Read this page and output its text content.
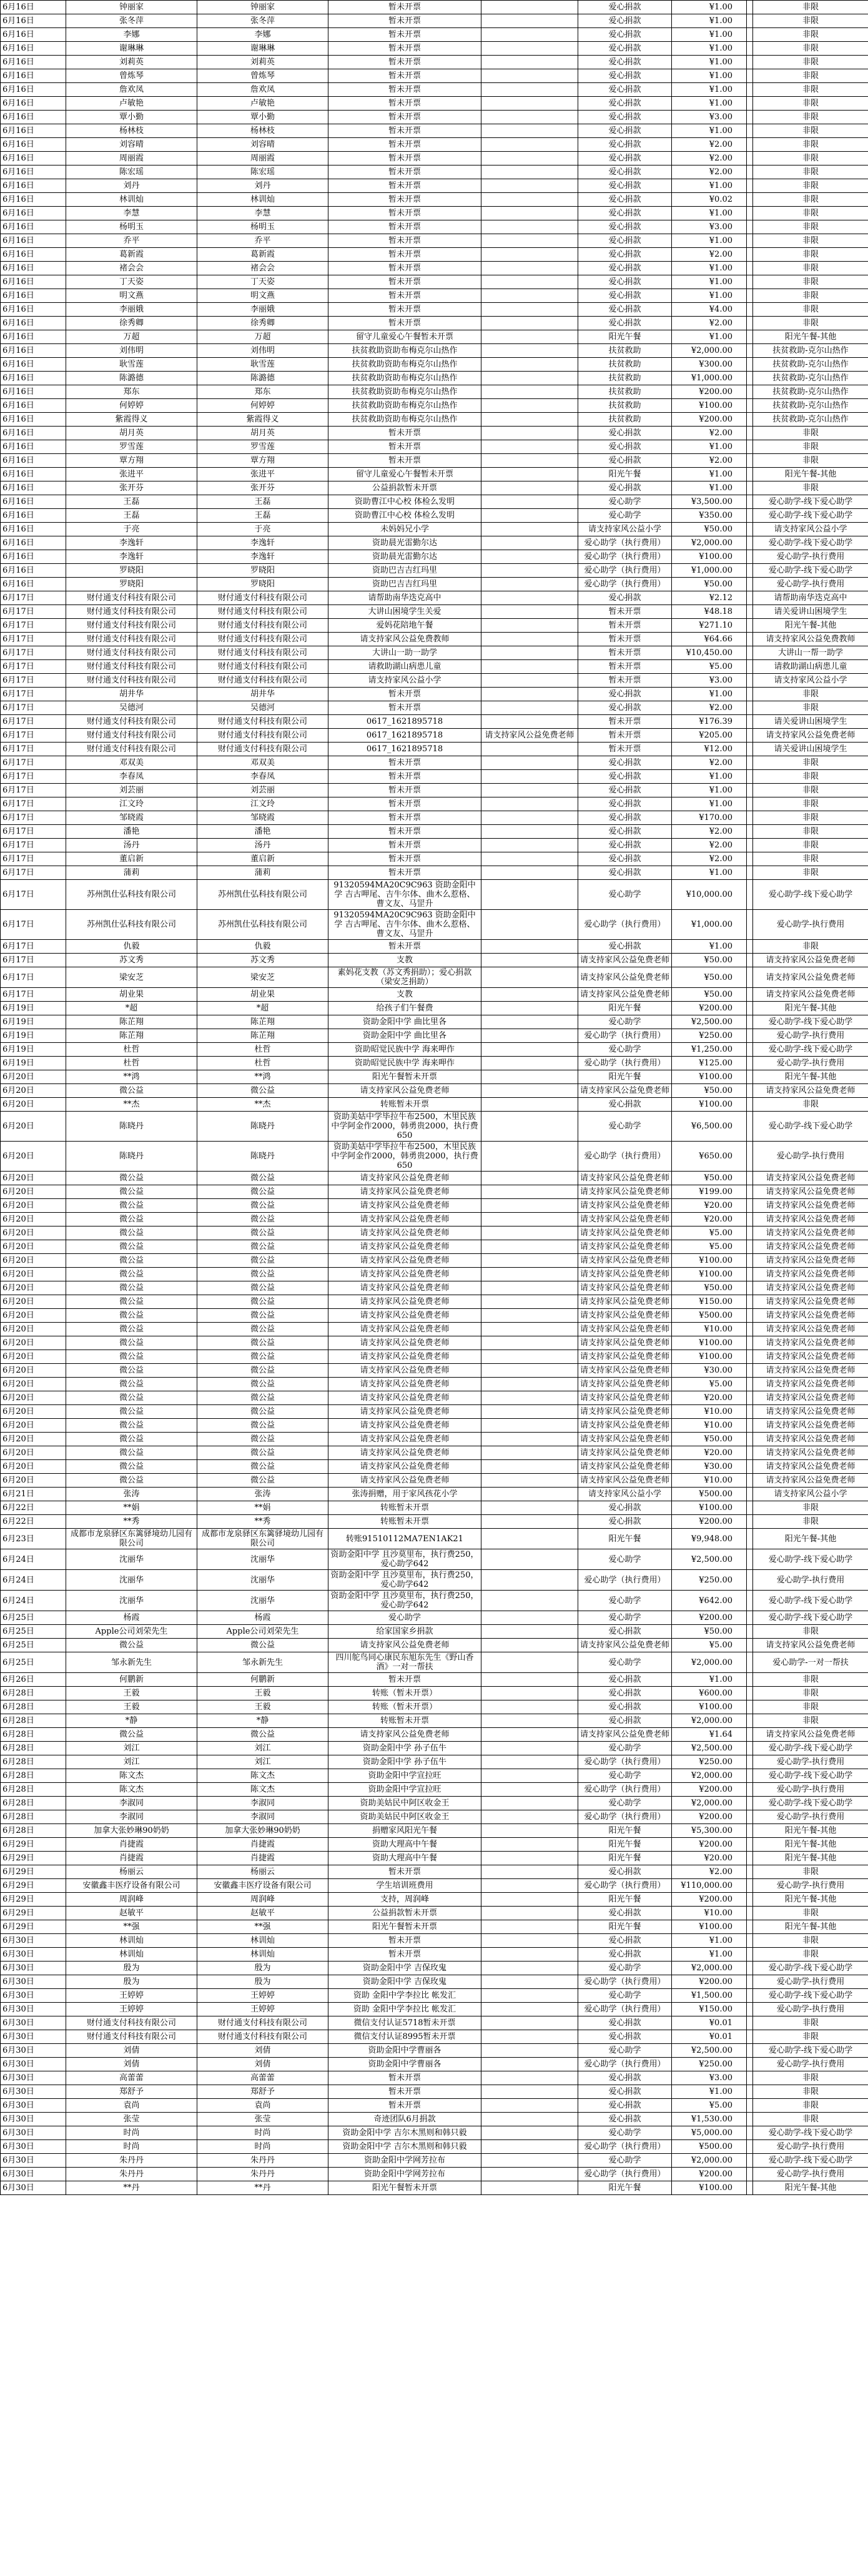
6月16日	钟丽家	钟丽家	暂未开票		爱心捐款	¥1.00		非限
6月16日	张冬萍	张冬萍	暂未开票		爱心捐款	¥1.00		非限
6月16日	李娜	李娜	暂未开票		爱心捐款	¥1.00		非限
6月16日	谢琳琳	谢琳琳	暂未开票		爱心捐款	¥1.00		非限
6月16日	刘莉英	刘莉英	暂未开票		爱心捐款	¥1.00		非限
6月16日	曾炼琴	曾炼琴	暂未开票		爱心捐款	¥1.00		非限
6月16日	詹欢凤	詹欢凤	暂未开票		爱心捐款	¥1.00		非限
6月16日	卢敏艳	卢敏艳	暂未开票		爱心捐款	¥1.00		非限
6月16日	覃小勤	覃小勤	暂未开票		爱心捐款	¥3.00		非限
6月16日	杨林枝	杨林枝	暂未开票		爱心捐款	¥1.00		非限
6月16日	刘容晴	刘容晴	暂未开票		爱心捐款	¥2.00		非限
6月16日	周丽霞	周丽霞	暂未开票		爱心捐款	¥2.00		非限
6月16日	陈宏瑶	陈宏瑶	暂未开票		爱心捐款	¥2.00		非限
6月16日	刘丹	刘丹	暂未开票		爱心捐款	¥1.00		非限
6月16日	林训灿	林训灿	暂未开票		爱心捐款	¥0.02		非限
6月16日	李慧	李慧	暂未开票		爱心捐款	¥1.00		非限
6月16日	杨明玉	杨明玉	暂未开票		爱心捐款	¥3.00		非限
6月16日	乔平	乔平	暂未开票		爱心捐款	¥1.00		非限
6月16日	葛新霞	葛新霞	暂未开票		爱心捐款	¥2.00		非限
6月16日	褚会会	褚会会	暂未开票		爱心捐款	¥1.00		非限
6月16日	丁天姿	丁天姿	暂未开票		爱心捐款	¥1.00		非限
6月16日	明文燕	明文燕	暂未开票		爱心捐款	¥1.00		非限
6月16日	李丽娥	李丽娥	暂未开票		爱心捐款	¥4.00		非限
6月16日	徐秀卿	徐秀卿	暂未开票		爱心捐款	¥2.00		非限
6月16日	万超	万超	留守儿童爱心午餐暂未开票		阳光午餐	¥1.00		阳光午餐-其他
6月16日	刘伟明	刘伟明	扶贫救助资助布梅克尔山热作		扶贫救助	¥2,000.00		扶贫救助-克尔山热作
6月16日	耿雪莲	耿雪莲	扶贫救助资助布梅克尔山热作		扶贫救助	¥300.00		扶贫救助-克尔山热作
6月16日	陈潞德	陈潞德	扶贫救助资助布梅克尔山热作		扶贫救助	¥1,000.00		扶贫救助-克尔山热作
6月16日	郑东	郑东	扶贫救助资助布梅克尔山热作		扶贫救助	¥200.00		扶贫救助-克尔山热作
6月16日	何婷婷	何婷婷	扶贫救助资助布梅克尔山热作		扶贫救助	¥100.00		扶贫救助-克尔山热作
6月16日	紫霞得义	紫霞得义	扶贫救助资助布梅克尔山热作		扶贫救助	¥200.00		扶贫救助-克尔山热作
6月16日	胡月英	胡月英	暂未开票		爱心捐款	¥2.00		非限
6月16日	罗雪莲	罗雪莲	暂未开票		爱心捐款	¥1.00		非限
6月16日	覃方翔	覃方翔	暂未开票		爱心捐款	¥2.00		非限
6月16日	张进平	张进平	留守儿童爱心午餐暂未开票		阳光午餐	¥1.00		阳光午餐-其他
6月16日	张开芬	张开芬	公益捐款暂未开票		爱心捐款	¥1.00		非限
6月16日	王磊	王磊	资助曹江中心校 体检么发明		爱心助学	¥3,500.00		爱心助学-线下爱心助学
6月16日	王磊	王磊	资助曹江中心校 体检么发明		爱心助学	¥350.00		爱心助学-线下爱心助学
6月16日	于亮	于亮	未妈妈兄小学		请支持家风公益小学	¥50.00		请支持家风公益小学
6月16日	李逸轩	李逸轩	资助晨光雷勤尔达		爱心助学（执行费用）	¥2,000.00		爱心助学-线下爱心助学
6月16日	李逸轩	李逸轩	资助晨光雷勤尔达		爱心助学（执行费用）	¥100.00		爱心助学-执行费用
6月16日	罗晓阳	罗晓阳	资助巴吉吉红玛里		爱心助学（执行费用）	¥1,000.00		爱心助学-线下爱心助学
6月16日	罗晓阳	罗晓阳	资助巴吉吉红玛里		爱心助学（执行费用）	¥50.00		爱心助学-执行费用
6月17日	财付通支付科技有限公司	财付通支付科技有限公司	请帮助南华迭克高中		爱心捐款	¥2.12		请帮助南华迭克高中
6月17日	财付通支付科技有限公司	财付通支付科技有限公司	大讲山困境学生关爱		暂未开票	¥48.18		请关爱讲山困境学生
6月17日	财付通支付科技有限公司	财付通支付科技有限公司	爱妈花陪地午餐		暂未开票	¥271.10		阳光午餐-其他
6月17日	财付通支付科技有限公司	财付通支付科技有限公司	请支持家风公益免费教师		暂未开票	¥64.66		请支持家风公益免费教师
6月17日	财付通支付科技有限公司	财付通支付科技有限公司	大讲山一助一助学		暂未开票	¥10,450.00		大讲山一帮一助学
6月17日	财付通支付科技有限公司	财付通支付科技有限公司	请救助湖山病患儿童		暂未开票	¥5.00		请救助湖山病患儿童
6月17日	财付通支付科技有限公司	财付通支付科技有限公司	请支持家风公益小学		暂未开票	¥3.00		请支持家风公益小学
6月17日	胡井华	胡井华	暂未开票		爱心捐款	¥1.00		非限
6月17日	吴德河	吴德河	暂未开票		爱心捐款	¥2.00		非限
6月17日	财付通支付科技有限公司	财付通支付科技有限公司	0617_1621895718		暂未开票	¥176.39		请关爱讲山困境学生
6月17日	财付通支付科技有限公司	财付通支付科技有限公司	0617_1621895718	请支持家风公益免费老师	暂未开票	¥205.00		请支持家风公益免费老师
6月17日	财付通支付科技有限公司	财付通支付科技有限公司	0617_1621895718		暂未开票	¥12.00		请关爱讲山困境学生
6月17日	邓双美	邓双美	暂未开票		爱心捐款	¥2.00		非限
6月17日	李春凤	李春凤	暂未开票		爱心捐款	¥1.00		非限
6月17日	刘芸丽	刘芸丽	暂未开票		爱心捐款	¥1.00		非限
6月17日	江文玲	江文玲	暂未开票		爱心捐款	¥1.00		非限
6月17日	邹晓霞	邹晓霞	暂未开票		爱心捐款	¥170.00		非限
6月17日	潘艳	潘艳	暂未开票		爱心捐款	¥2.00		非限
6月17日	汤丹	汤丹	暂未开票		爱心捐款	¥2.00		非限
6月17日	董启新	董启新	暂未开票		爱心捐款	¥2.00		非限
6月17日	蒲莉	蒲莉	暂未开票		爱心捐款	¥1.00		非限
6月17日	苏州凯仕弘科技有限公司	苏州凯仕弘科技有限公司	91320594MA20C9C963 资助金阳中学 吉古呷尾、吉牛尔体、曲木么惹格、曹文友、马罡升		爱心助学	¥10,000.00		爱心助学-线下爱心助学
6月17日	苏州凯仕弘科技有限公司	苏州凯仕弘科技有限公司	91320594MA20C9C963 资助金阳中学 吉古呷尾、吉牛尔体、曲木么惹格、曹文友、马罡升		爱心助学（执行费用）	¥1,000.00		爱心助学-执行费用
6月17日	仇毅	仇毅	暂未开票		爱心捐款	¥1.00		非限
6月17日	苏文秀	苏文秀	支教		请支持家风公益免费老师	¥50.00		请支持家风公益免费老师
6月17日	梁安芝	梁安芝	素妈花支教（苏文秀捐助）；爱心捐款（梁安芝捐助）		请支持家风公益免费老师	¥50.00		请支持家风公益免费老师
6月17日	胡业果	胡业果	支教		请支持家风公益免费老师	¥50.00		请支持家风公益免费老师
6月19日	*超	*超	给孩子们午餐费		阳光午餐	¥200.00		阳光午餐-其他
6月19日	陈芷翔	陈芷翔	资助金阳中学 曲比里各		爱心助学	¥2,500.00		爱心助学-线下爱心助学
6月19日	陈芷翔	陈芷翔	资助金阳中学 曲比里各		爱心助学（执行费用）	¥250.00		爱心助学-执行费用
6月19日	杜哲	杜哲	资助昭觉民族中学 海来呷作		爱心助学	¥1,250.00		爱心助学-线下爱心助学
6月19日	杜哲	杜哲	资助昭觉民族中学 海来呷作		爱心助学（执行费用）	¥125.00		爱心助学-执行费用
6月20日	**鸿	**鸿	阳光午餐暂未开票		阳光午餐	¥100.00		阳光午餐-其他
6月20日	微公益	微公益	请支持家风公益免费老师		请支持家风公益免费老师	¥50.00		请支持家风公益免费老师
6月20日	**杰	**杰	转账暂未开票		爱心捐款	¥100.00		非限
6月20日	陈晓丹	陈晓丹	资助美姑中学毕拉牛布2500，木里民族中学阿金作2000，韩勇贵2000，执行费650		爱心助学	¥6,500.00		爱心助学-线下爱心助学
6月20日	陈晓丹	陈晓丹	资助美姑中学毕拉牛布2500，木里民族中学阿金作2000，韩勇贵2000，执行费650		爱心助学（执行费用）	¥650.00		爱心助学-执行费用
6月20日	微公益	微公益	请支持家风公益免费老师		请支持家风公益免费老师	¥50.00		请支持家风公益免费老师
6月20日	微公益	微公益	请支持家风公益免费老师		请支持家风公益免费老师	¥199.00		请支持家风公益免费老师
6月20日	微公益	微公益	请支持家风公益免费老师		请支持家风公益免费老师	¥20.00		请支持家风公益免费老师
6月20日	微公益	微公益	请支持家风公益免费老师		请支持家风公益免费老师	¥20.00		请支持家风公益免费老师
6月20日	微公益	微公益	请支持家风公益免费老师		请支持家风公益免费老师	¥5.00		请支持家风公益免费老师
6月20日	微公益	微公益	请支持家风公益免费老师		请支持家风公益免费老师	¥5.00		请支持家风公益免费老师
6月20日	微公益	微公益	请支持家风公益免费老师		请支持家风公益免费老师	¥100.00		请支持家风公益免费老师
6月20日	微公益	微公益	请支持家风公益免费老师		请支持家风公益免费老师	¥100.00		请支持家风公益免费老师
6月20日	微公益	微公益	请支持家风公益免费老师		请支持家风公益免费老师	¥50.00		请支持家风公益免费老师
6月20日	微公益	微公益	请支持家风公益免费老师		请支持家风公益免费老师	¥150.00		请支持家风公益免费老师
6月20日	微公益	微公益	请支持家风公益免费老师		请支持家风公益免费老师	¥500.00		请支持家风公益免费老师
6月20日	微公益	微公益	请支持家风公益免费老师		请支持家风公益免费老师	¥10.00		请支持家风公益免费老师
6月20日	微公益	微公益	请支持家风公益免费老师		请支持家风公益免费老师	¥100.00		请支持家风公益免费老师
6月20日	微公益	微公益	请支持家风公益免费老师		请支持家风公益免费老师	¥100.00		请支持家风公益免费老师
6月20日	微公益	微公益	请支持家风公益免费老师		请支持家风公益免费老师	¥30.00		请支持家风公益免费老师
6月20日	微公益	微公益	请支持家风公益免费老师		请支持家风公益免费老师	¥5.00		请支持家风公益免费老师
6月20日	微公益	微公益	请支持家风公益免费老师		请支持家风公益免费老师	¥20.00		请支持家风公益免费老师
6月20日	微公益	微公益	请支持家风公益免费老师		请支持家风公益免费老师	¥10.00		请支持家风公益免费老师
6月20日	微公益	微公益	请支持家风公益免费老师		请支持家风公益免费老师	¥10.00		请支持家风公益免费老师
6月20日	微公益	微公益	请支持家风公益免费老师		请支持家风公益免费老师	¥50.00		请支持家风公益免费老师
6月20日	微公益	微公益	请支持家风公益免费老师		请支持家风公益免费老师	¥20.00		请支持家风公益免费老师
6月20日	微公益	微公益	请支持家风公益免费老师		请支持家风公益免费老师	¥30.00		请支持家风公益免费老师
6月20日	微公益	微公益	请支持家风公益免费老师		请支持家风公益免费老师	¥10.00		请支持家风公益免费老师
6月21日	张涛	张涛	张涛捐赠，用于家风孩花小学		请支持家风公益小学	¥500.00		请支持家风公益小学
6月22日	**娟	**娟	转账暂未开票		爱心捐款	¥100.00		非限
6月22日	**秀	**秀	转账暂未开票		爱心捐款	¥200.00		非限
6月23日	成都市龙泉驿区东篱驿境幼儿园有限公司	成都市龙泉驿区东篱驿境幼儿园有限公司	转账91510112MA7EN1AK21		阳光午餐	¥9,948.00		阳光午餐-其他
6月24日	沈丽华	沈丽华	资助金阳中学 且沙莫里布，执行费250，爱心助学642		爱心助学	¥2,500.00		爱心助学-线下爱心助学
6月24日	沈丽华	沈丽华	资助金阳中学 且沙莫里布，执行费250，爱心助学642		爱心助学（执行费用）	¥250.00		爱心助学-执行费用
6月24日	沈丽华	沈丽华	资助金阳中学 且沙莫里布，执行费250，爱心助学642		爱心助学	¥642.00		爱心助学-线下爱心助学
6月25日	杨霞	杨霞	爱心助学		爱心助学	¥200.00		爱心助学-线下爱心助学
6月25日	Apple公司刘荣先生	Apple公司刘荣先生	给家国家乡捐款		爱心捐款	¥50.00		非限
6月25日	微公益	微公益	请支持家风公益免费老师		请支持家风公益免费老师	¥5.00		请支持家风公益免费老师
6月25日	邹永新先生	邹永新先生	四川鸵鸟同心康民东旭东先生《野山香酒》一对一帮扶		爱心助学	¥2,000.00		爱心助学-一对一帮扶
6月26日	何鹏新	何鹏新	暂未开票		爱心捐款	¥1.00		非限
6月28日	王毅	王毅	转账（暂未开票）		爱心捐款	¥600.00		非限
6月28日	王毅	王毅	转账（暂未开票）		爱心捐款	¥100.00		非限
6月28日	*静	*静	转账暂未开票		爱心捐款	¥2,000.00		非限
6月28日	微公益	微公益	请支持家风公益免费老师		请支持家风公益免费老师	¥1.64		请支持家风公益免费老师
6月28日	刘江	刘江	资助金阳中学 孙子伍牛		爱心助学	¥2,500.00		爱心助学-线下爱心助学
6月28日	刘江	刘江	资助金阳中学 孙子伍牛		爱心助学（执行费用）	¥250.00		爱心助学-执行费用
6月28日	陈文杰	陈文杰	资助金阳中学宣拉旺		爱心助学	¥2,000.00		爱心助学-线下爱心助学
6月28日	陈文杰	陈文杰	资助金阳中学宣拉旺		爱心助学（执行费用）	¥200.00		爱心助学-执行费用
6月28日	李淑同	李淑同	资助美姑民中阿区收金王		爱心助学	¥2,000.00		爱心助学-线下爱心助学
6月28日	李淑同	李淑同	资助美姑民中阿区收金王		爱心助学（执行费用）	¥200.00		爱心助学-执行费用
6月28日	加拿大张妙琳90奶奶	加拿大张妙琳90奶奶	捐赠家风阳光午餐		阳光午餐	¥5,300.00		阳光午餐-其他
6月29日	肖捷霞	肖捷霞	资助大理高中午餐		阳光午餐	¥200.00		阳光午餐-其他
6月29日	肖捷霞	肖捷霞	资助大理高中午餐		阳光午餐	¥20.00		阳光午餐-其他
6月29日	杨丽云	杨丽云	暂未开票		爱心捐款	¥2.00		非限
6月29日	安徽鑫丰医疗设备有限公司	安徽鑫丰医疗设备有限公司	学生培训班费用		爱心助学（执行费用）	¥110,000.00		爱心助学-执行费用
6月29日	周润峰	周润峰	支持，周润峰		阳光午餐	¥200.00		阳光午餐-其他
6月29日	赵敏平	赵敏平	公益捐款暂未开票		爱心捐款	¥10.00		非限
6月29日	**强	**强	阳光午餐暂未开票		阳光午餐	¥100.00		阳光午餐-其他
6月30日	林训灿	林训灿	暂未开票		爱心捐款	¥1.00		非限
6月30日	林训灿	林训灿	暂未开票		爱心捐款	¥1.00		非限
6月30日	殷为	殷为	资助金阳中学 吉保玫鬼		爱心助学	¥2,000.00		爱心助学-线下爱心助学
6月30日	殷为	殷为	资助金阳中学 吉保玫鬼		爱心助学（执行费用）	¥200.00		爱心助学-执行费用
6月30日	王婷婷	王婷婷	资助 金阳中学李拉比 帐发汇		爱心助学	¥1,500.00		爱心助学-线下爱心助学
6月30日	王婷婷	王婷婷	资助 金阳中学李拉比 帐发汇		爱心助学（执行费用）	¥150.00		爱心助学-执行费用
6月30日	财付通支付科技有限公司	财付通支付科技有限公司	微信支付认证5718暂未开票		爱心捐款	¥0.01		非限
6月30日	财付通支付科技有限公司	财付通支付科技有限公司	微信支付认证8995暂未开票		爱心捐款	¥0.01		非限
6月30日	刘倩	刘倩	资助金阳中学曹丽各		爱心助学	¥2,500.00		爱心助学-线下爱心助学
6月30日	刘倩	刘倩	资助金阳中学曹丽各		爱心助学（执行费用）	¥250.00		爱心助学-执行费用
6月30日	高蕾蕾	高蕾蕾	暂未开票		爱心捐款	¥3.00		非限
6月30日	郑舒予	郑舒予	暂未开票		爱心捐款	¥1.00		非限
6月30日	袁尚	袁尚	暂未开票		爱心捐款	¥5.00		非限
6月30日	张莹	张莹	奇迹团队6月捐款		爱心捐款	¥1,530.00		非限
6月30日	时尚	时尚	资助金阳中学 吉尔木黑则和韩只毅		爱心助学	¥5,000.00		爱心助学-线下爱心助学
6月30日	时尚	时尚	资助金阳中学 吉尔木黑则和韩只毅		爱心助学（执行费用）	¥500.00		爱心助学-执行费用
6月30日	朱丹丹	朱丹丹	资助金阳中学网芳拉布		爱心助学	¥2,000.00		爱心助学-线下爱心助学
6月30日	朱丹丹	朱丹丹	资助金阳中学网芳拉布		爱心助学（执行费用）	¥200.00		爱心助学-执行费用
6月30日	**丹	**丹	阳光午餐暂未开票		阳光午餐	¥100.00		阳光午餐-其他
